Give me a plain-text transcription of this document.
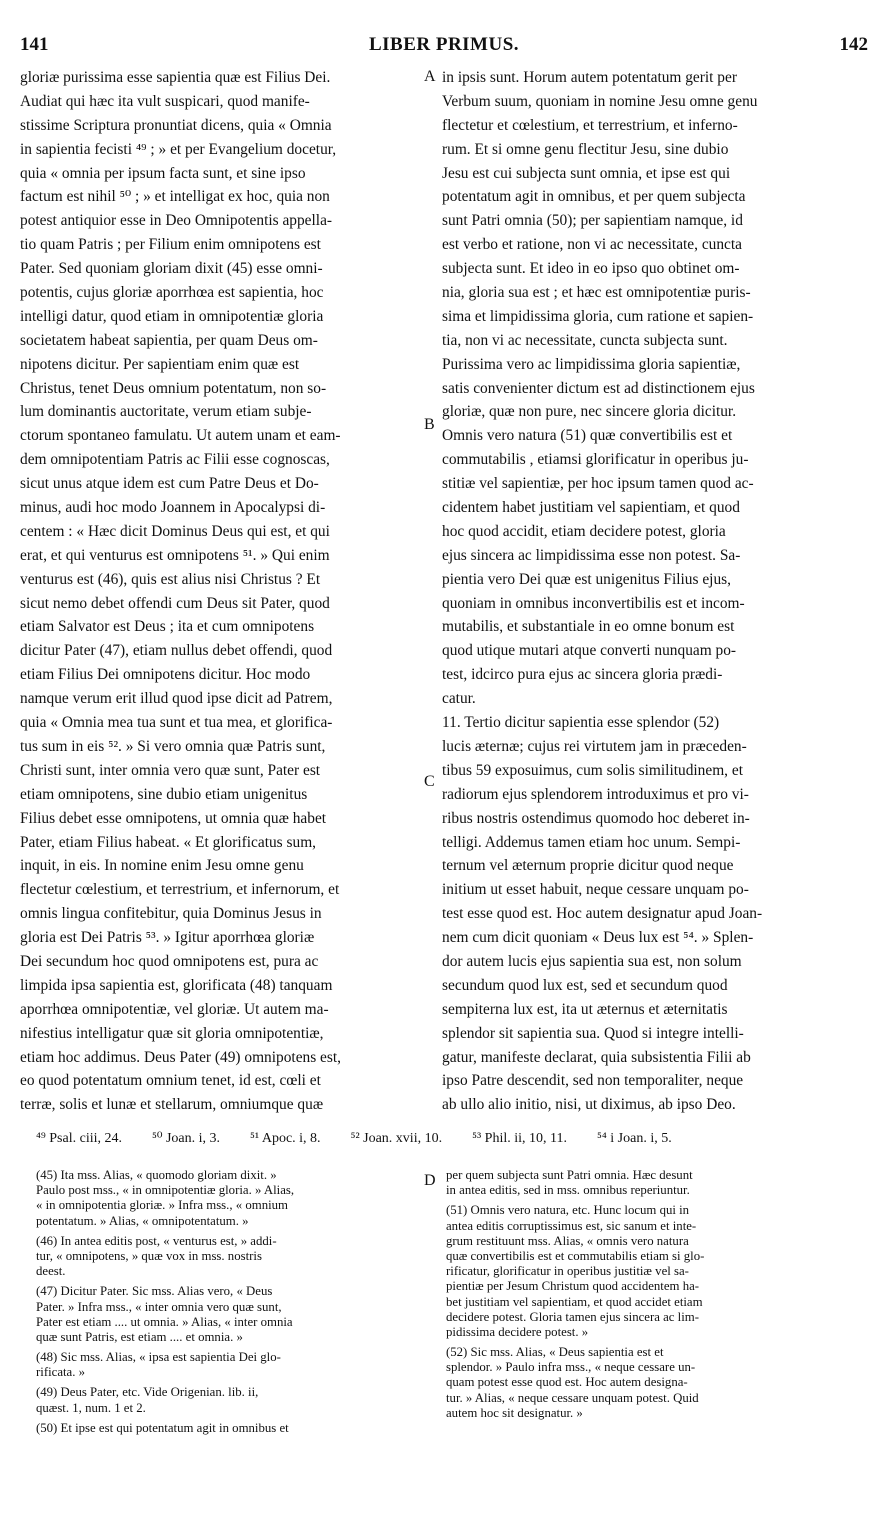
141	LIBER PRIMUS.	142
gloriæ purissima esse sapientia quæ est Filius Dei.
Audiat qui hæc ita vult suspicari, quod manife-
stissime Scriptura pronuntiat dicens, quia « Omnia
in sapientia fecisti ⁴⁹ ; » et per Evangelium docetur,
quia « omnia per ipsum facta sunt, et sine ipso
factum est nihil ⁵⁰ ; » et intelligat ex hoc, quia non
potest antiquior esse in Deo Omnipotentis appella-
tio quam Patris ; per Filium enim omnipotens est
Pater. Sed quoniam gloriam dixit (45) esse omni-
potentis, cujus gloriæ aporrhœa est sapientia, hoc
intelligi datur, quod etiam in omnipotentiæ gloria
societatem habeat sapientia, per quam Deus om-
nipotens dicitur. Per sapientiam enim quæ est
Christus, tenet Deus omnium potentatum, non so-
lum dominantis auctoritate, verum etiam subje-
ctorum spontaneo famulatu. Ut autem unam et eam-
dem omnipotentiam Patris ac Filii esse cognoscas,
sicut unus atque idem est cum Patre Deus et Do-
minus, audi hoc modo Joannem in Apocalypsi di-
centem : « Hæc dicit Dominus Deus qui est, et qui
erat, et qui venturus est omnipotens ⁵¹. » Qui enim
venturus est (46), quis est alius nisi Christus ? Et
sicut nemo debet offendi cum Deus sit Pater, quod
etiam Salvator est Deus ; ita et cum omnipotens
dicitur Pater (47), etiam nullus debet offendi, quod
etiam Filius Dei omnipotens dicitur. Hoc modo
namque verum erit illud quod ipse dicit ad Patrem,
quia « Omnia mea tua sunt et tua mea, et glorifica-
tus sum in eis ⁵². » Si vero omnia quæ Patris sunt,
Christi sunt, inter omnia vero quæ sunt, Pater est
etiam omnipotens, sine dubio etiam unigenitus
Filius debet esse omnipotens, ut omnia quæ habet
Pater, etiam Filius habeat. « Et glorificatus sum,
inquit, in eis. In nomine enim Jesu omne genu
flectetur cœlestium, et terrestrium, et infernorum, et
omnis lingua confitebitur, quia Dominus Jesus in
gloria est Dei Patris ⁵³. » Igitur aporrhœa gloriæ
Dei secundum hoc quod omnipotens est, pura ac
limpida ipsa sapientia est, glorificata (48) tanquam
aporrhœa omnipotentiæ, vel gloriæ. Ut autem ma-
nifestius intelligatur quæ sit gloria omnipotentiæ,
etiam hoc addimus. Deus Pater (49) omnipotens est,
eo quod potentatum omnium tenet, id est, cœli et
terræ, solis et lunæ et stellarum, omniumque quæ
in ipsis sunt. Horum autem potentatum gerit per
Verbum suum, quoniam in nomine Jesu omne genu
flectetur et cœlestium, et terrestrium, et inferno-
rum. Et si omne genu flectitur Jesu, sine dubio
Jesu est cui subjecta sunt omnia, et ipse est qui
potentatum agit in omnibus, et per quem subjecta
sunt Patri omnia (50); per sapientiam namque, id
est verbo et ratione, non vi ac necessitate, cuncta
subjecta sunt. Et ideo in eo ipso quo obtinet om-
nia, gloria sua est ; et hæc est omnipotentiæ puris-
sima et limpidissima gloria, cum ratione et sapien-
tia, non vi ac necessitate, cuncta subjecta sunt.
Purissima vero ac limpidissima gloria sapientiæ,
satis convenienter dictum est ad distinctionem ejus
gloriæ, quæ non pure, nec sincere gloria dicitur.
Omnis vero natura (51) quæ convertibilis est et
commutabilis , etiamsi glorificatur in operibus ju-
stitiæ vel sapientiæ, per hoc ipsum tamen quod ac-
cidentem habet justitiam vel sapientiam, et quod
hoc quod accidit, etiam decidere potest, gloria
ejus sincera ac limpidissima esse non potest. Sa-
pientia vero Dei quæ est unigenitus Filius ejus,
quoniam in omnibus inconvertibilis est et incom-
mutabilis, et substantiale in eo omne bonum est
quod utique mutari atque converti nunquam po-
test, idcirco pura ejus ac sincera gloria prædi-
catur.
11. Tertio dicitur sapientia esse splendor (52)
lucis æternæ; cujus rei virtutem jam in præceden-
tibus 59 exposuimus, cum solis similitudinem, et
radiorum ejus splendorem introduximus et pro vi-
ribus nostris ostendimus quomodo hoc deberet in-
telligi. Addemus tamen etiam hoc unum. Sempi-
ternum vel æternum proprie dicitur quod neque
initium ut esset habuit, neque cessare unquam po-
test esse quod est. Hoc autem designatur apud Joan-
nem cum dicit quoniam « Deus lux est ⁵⁴. » Splen-
dor autem lucis ejus sapientia sua est, non solum
secundum quod lux est, sed et secundum quod
sempiterna lux est, ita ut æternus et æternitatis
splendor sit sapientia sua. Quod si integre intelli-
gatur, manifeste declarat, quia subsistentia Filii ab
ipso Patre descendit, sed non temporaliter, neque
ab ullo alio initio, nisi, ut diximus, ab ipso Deo.
A
B
C
D
⁴⁹ Psal. ciii, 24. ⁵⁰ Joan. i, 3. ⁵¹ Apoc. i, 8. ⁵² Joan. xvii, 10. ⁵³ Phil. ii, 10, 11. ⁵⁴ i Joan. i, 5.
(45) Ita mss. Alias, « quomodo gloriam dixit. »
Paulo post mss., « in omnipotentiæ gloria. » Alias,
« in omnipotentia gloriæ. » Infra mss., « omnium
potentatum. » Alias, « omnipotentatum. »
(46) In antea editis post, « venturus est, » addi-
tur, « omnipotens, » quæ vox in mss. nostris
deest.
(47) Dicitur Pater. Sic mss. Alias vero, « Deus
Pater. » Infra mss., « inter omnia vero quæ sunt,
Pater est etiam .... ut omnia. » Alias, « inter omnia
quæ sunt Patris, est etiam .... et omnia. »
(48) Sic mss. Alias, « ipsa est sapientia Dei glo-
rificata. »
(49) Deus Pater, etc. Vide Origenian. lib. ii,
quæst. 1, num. 1 et 2.
(50) Et ipse est qui potentatum agit in omnibus et
per quem subjecta sunt Patri omnia. Hæc desunt
in antea editis, sed in mss. omnibus reperiuntur.
(51) Omnis vero natura, etc. Hunc locum qui in
antea editis corruptissimus est, sic sanum et inte-
grum restituunt mss. Alias, « omnis vero natura
quæ convertibilis est et commutabilis etiam si glo-
rificatur, glorificatur in operibus justitiæ vel sa-
pientiæ per Jesum Christum quod accidentem ha-
bet justitiam vel sapientiam, et quod accidet etiam
decidere potest. Gloria tamen ejus sincera ac lim-
pidissima decidere potest. »
(52) Sic mss. Alias, « Deus sapientia est et
splendor. » Paulo infra mss., « neque cessare un-
quam potest esse quod est. Hoc autem designa-
tur. » Alias, « neque cessare unquam potest. Quid
autem hoc sit designatur. »
